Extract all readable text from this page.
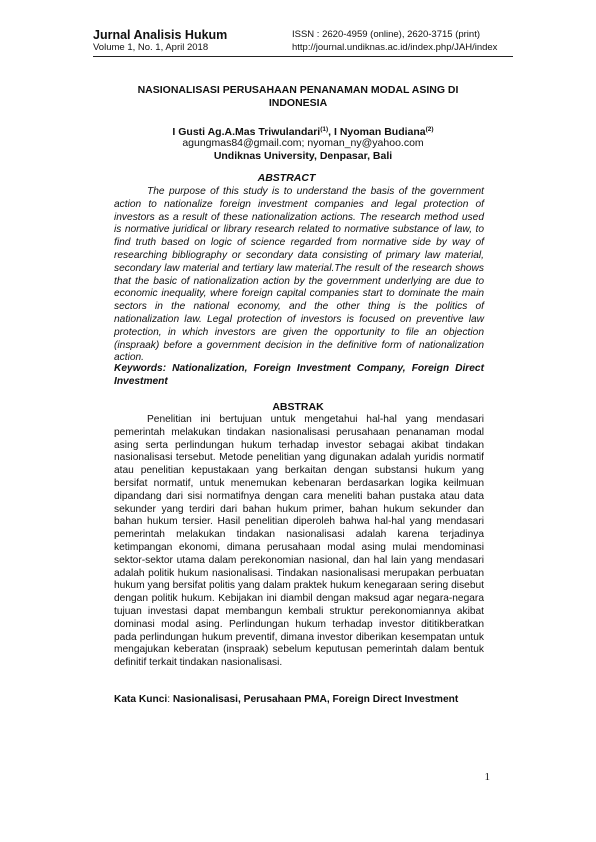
Jurnal Analisis Hukum
Volume 1, No. 1, April 2018
ISSN : 2620-4959 (online), 2620-3715 (print)
http://journal.undiknas.ac.id/index.php/JAH/index
NASIONALISASI PERUSAHAAN PENANAMAN MODAL ASING DI INDONESIA
I Gusti Ag.A.Mas Triwulandari$^{(1)}$, I Nyoman Budiana$^{(2)}$
agungmas84@gmail.com; nyoman_ny@yahoo.com
Undiknas University, Denpasar, Bali
ABSTRACT

The purpose of this study is to understand the basis of the government action to nationalize foreign investment companies and legal protection of investors as a result of these nationalization actions. The research method used is normative juridical or library research related to normative substance of law, to find truth based on logic of science regarded from normative side by way of researching bibliography or secondary data consisting of primary law material, secondary law material and tertiary law material.The result of the research shows that the basic of nationalization action by the government underlying are due to economic inequality, where foreign capital companies start to dominate the main sectors in the national economy, and the other thing is the politics of nationalization law. Legal protection of investors is focused on preventive law protection, in which investors are given the opportunity to file an objection (inspraak) before a government decision in the definitive form of nationalization action.

Keywords: Nationalization, Foreign Investment Company, Foreign Direct Investment
ABSTRAK

Penelitian ini bertujuan untuk mengetahui hal-hal yang mendasari pemerintah melakukan tindakan nasionalisasi perusahaan penanaman modal asing serta perlindungan hukum terhadap investor sebagai akibat tindakan nasionalisasi tersebut. Metode penelitian yang digunakan adalah yuridis normatif atau penelitian kepustakaan yang berkaitan dengan substansi hukum yang bersifat normatif, untuk menemukan kebenaran berdasarkan logika keilmuan dipandang dari sisi normatifnya dengan cara meneliti bahan pustaka atau data sekunder yang terdiri dari bahan hukum primer, bahan hukum sekunder dan bahan hukum tersier. Hasil penelitian diperoleh bahwa hal-hal yang mendasari pemerintah melakukan tindakan nasionalisasi adalah karena terjadinya ketimpangan ekonomi, dimana perusahaan modal asing mulai mendominasi sektor-sektor utama dalam perekonomian nasional, dan hal lain yang mendasari adalah politik hukum nasionalisasi. Tindakan nasionalisasi merupakan perbuatan hukum yang bersifat politis yang dalam praktek hukum kenegaraan sering disebut dengan politik hukum. Kebijakan ini diambil dengan maksud agar negara-negara tujuan investasi dapat membangun kembali struktur perekonomiannya akibat dominasi modal asing. Perlindungan hukum terhadap investor dititikberatkan pada perlindungan hukum preventif, dimana investor diberikan kesempatan untuk mengajukan keberatan (inspraak) sebelum keputusan pemerintah dalam bentuk definitif terkait tindakan nasionalisasi.

Kata Kunci: Nasionalisasi, Perusahaan PMA, Foreign Direct Investment
1
